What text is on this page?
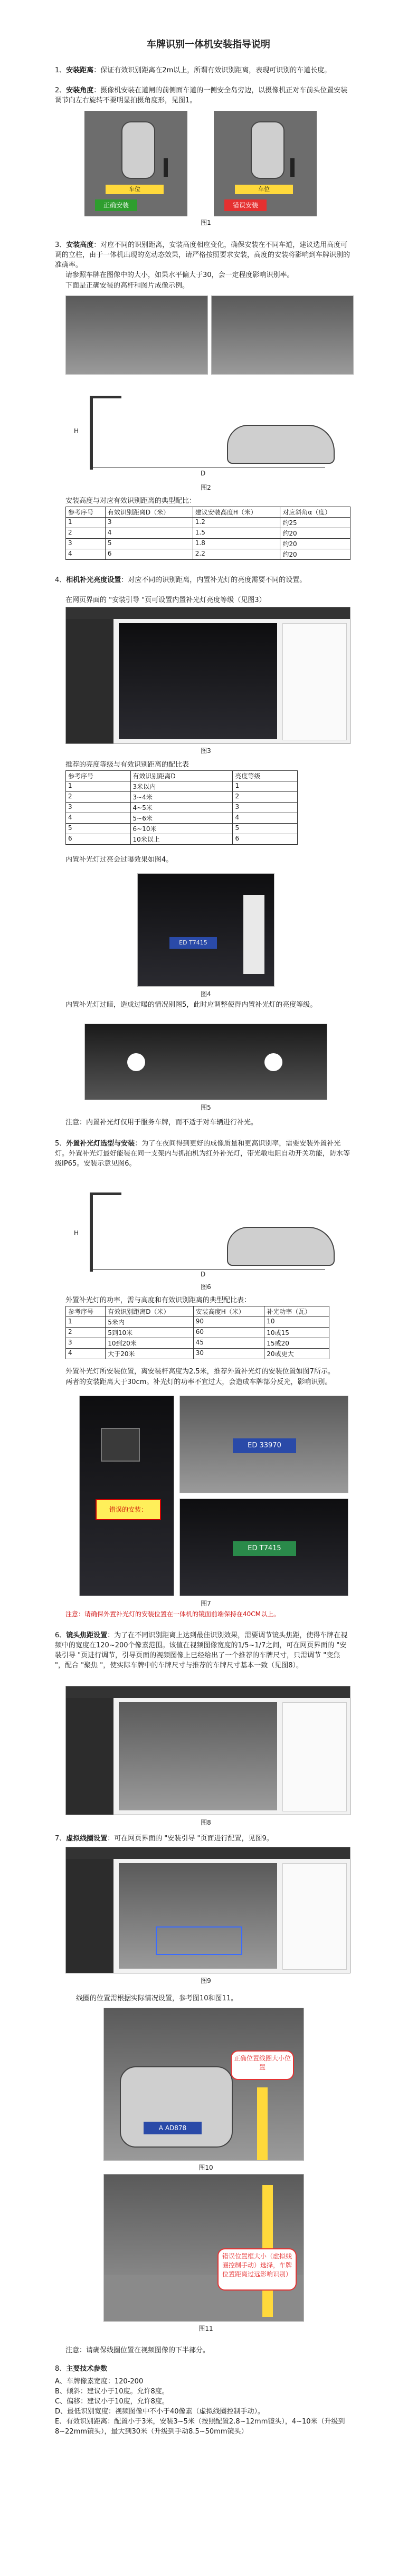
车牌识别一体机安装指导说明
1、安装距离：保证有效识别距离在2m以上，所谓有效识别距离，表现可识别的车道长度。
2、安装角度：摄像机安装在道闸的前侧面车道的一侧安全岛旁边，以摄像机正对车前头位置安装调节向左右旋转不要明显拍摄角度形，见图1。
车位	车位
正确安装	错误安装
图1
3、安装高度：对应不同的识别距离，安装高度相应变化，确保安装在不同车道，建议选用高度可调的立柱，由于一体机出现的宽动态效果，请严格按照要求安装，高度的安装将影响到车牌识别的准确率。
请参照车牌在图像中的大小，如果水平偏大于30，会一定程度影响识别率。
下面是正确安装的高杆和图片成像示例。
H
D
图2
安装高度与对应有效识别距离的典型配比：
参考序号	有效识别距离D（米）	建议安装高度H（米）	对应斜角α（度）
1	3	1.2	约25
2	4	1.5	约20
3	5	1.8	约20
4	6	2.2	约20
4、相机补光亮度设置：对应不同的识别距离，内置补光灯的亮度需要不同的设置。
在网页界面的 "安装引导 "页可设置内置补光灯亮度等级（见图3）
图3
推荐的亮度等级与有效识别距离的配比表
参考序号	有效识别距离D	亮度等级
1	3米以内	1
2	3~4米	2
3	4~5米	3
4	5~6米	4
5	6~10米	5
6	10米以上	6
内置补光灯过亮会过曝效果如图4。
ED T7415
图4
内置补光灯过暗，造成过曝的情况别图5，此时应调整使得内置补光灯的亮度等级。
图5
注意：内置补光灯仅用于服务车牌，而不适于对车辆进行补光。
5、外置补光灯选型与安装：为了在夜间得到更好的成像质量和更高识别率，需要安装外置补光灯。外置补光灯最好能装在同一支架内与抓拍机为红外补光灯，带光敏电阻自动开关功能，防水等级IP65。安装示意见图6。
H
D
图6
外置补光灯的功率，需与高度和有效识别距离的典型配比表：
参考序号	有效识别距离D（米）	安装高度H（米）	补光功率（瓦）
1	5米内	90	10
2	5到10米	60	10或15
3	10到20米	45	15或20
4	大于20米	30	20或更大
外置补光灯所安装位置，离安装杆高度为2.5米，推荐外置补光灯的安装位置如图7所示。
两者的安装距离大于30cm。补光灯的功率不宜过大，会造成车牌部分反光，影响识别。
错误的安装：
ED 33970
ED T7415
图7
注意：请确保外置补光灯的安装位置在一体机的镜面前端保持在40CM以上。
6、镜头焦距设置：为了在不同识别距离上达到最佳识别效果，需要调节镜头焦距，使得车牌在视频中的宽度在120~200个像素范围。该值在视频图像宽度的1/5~1/7之间，可在网页界面的 "安装引导 "页进行调节，引导页面的视频图像上已经给出了一个推荐的车牌尺寸，只需调节 "变焦 "，配合 "聚焦 "，使实际车牌中的车牌尺寸与推荐的车牌尺寸基本一致（见图8）。
图8
7、虚拟线圈设置：可在网页界面的 "安装引导 "页面进行配置，见图9。
图9
线圈的位置需根据实际情况设置，参考图10和图11。
A AD878
正确位置线圈大小位置
图10
错误位置框大小（虚拟线圈控制手动）选择，车牌位置距离过远影响识别）
图11
注意：请确保线圈位置在视频图像的下半部分。
8、主要技术参数
A、车牌像素宽度：120-200
B、倾斜：建议小于10度。允许8度。
C、偏移：建议小于10度，允许8度。
D、最低识别宽度：视频图像中不小于40像素（虚拟线圈控制手动）。
E、有效识别距离：配置小于3米，安装3~5米（按照配置2.8~12mm镜头），4~10米（升级到8~22mm镜头），最大到30米（升级到手动8.5~50mm镜头）
